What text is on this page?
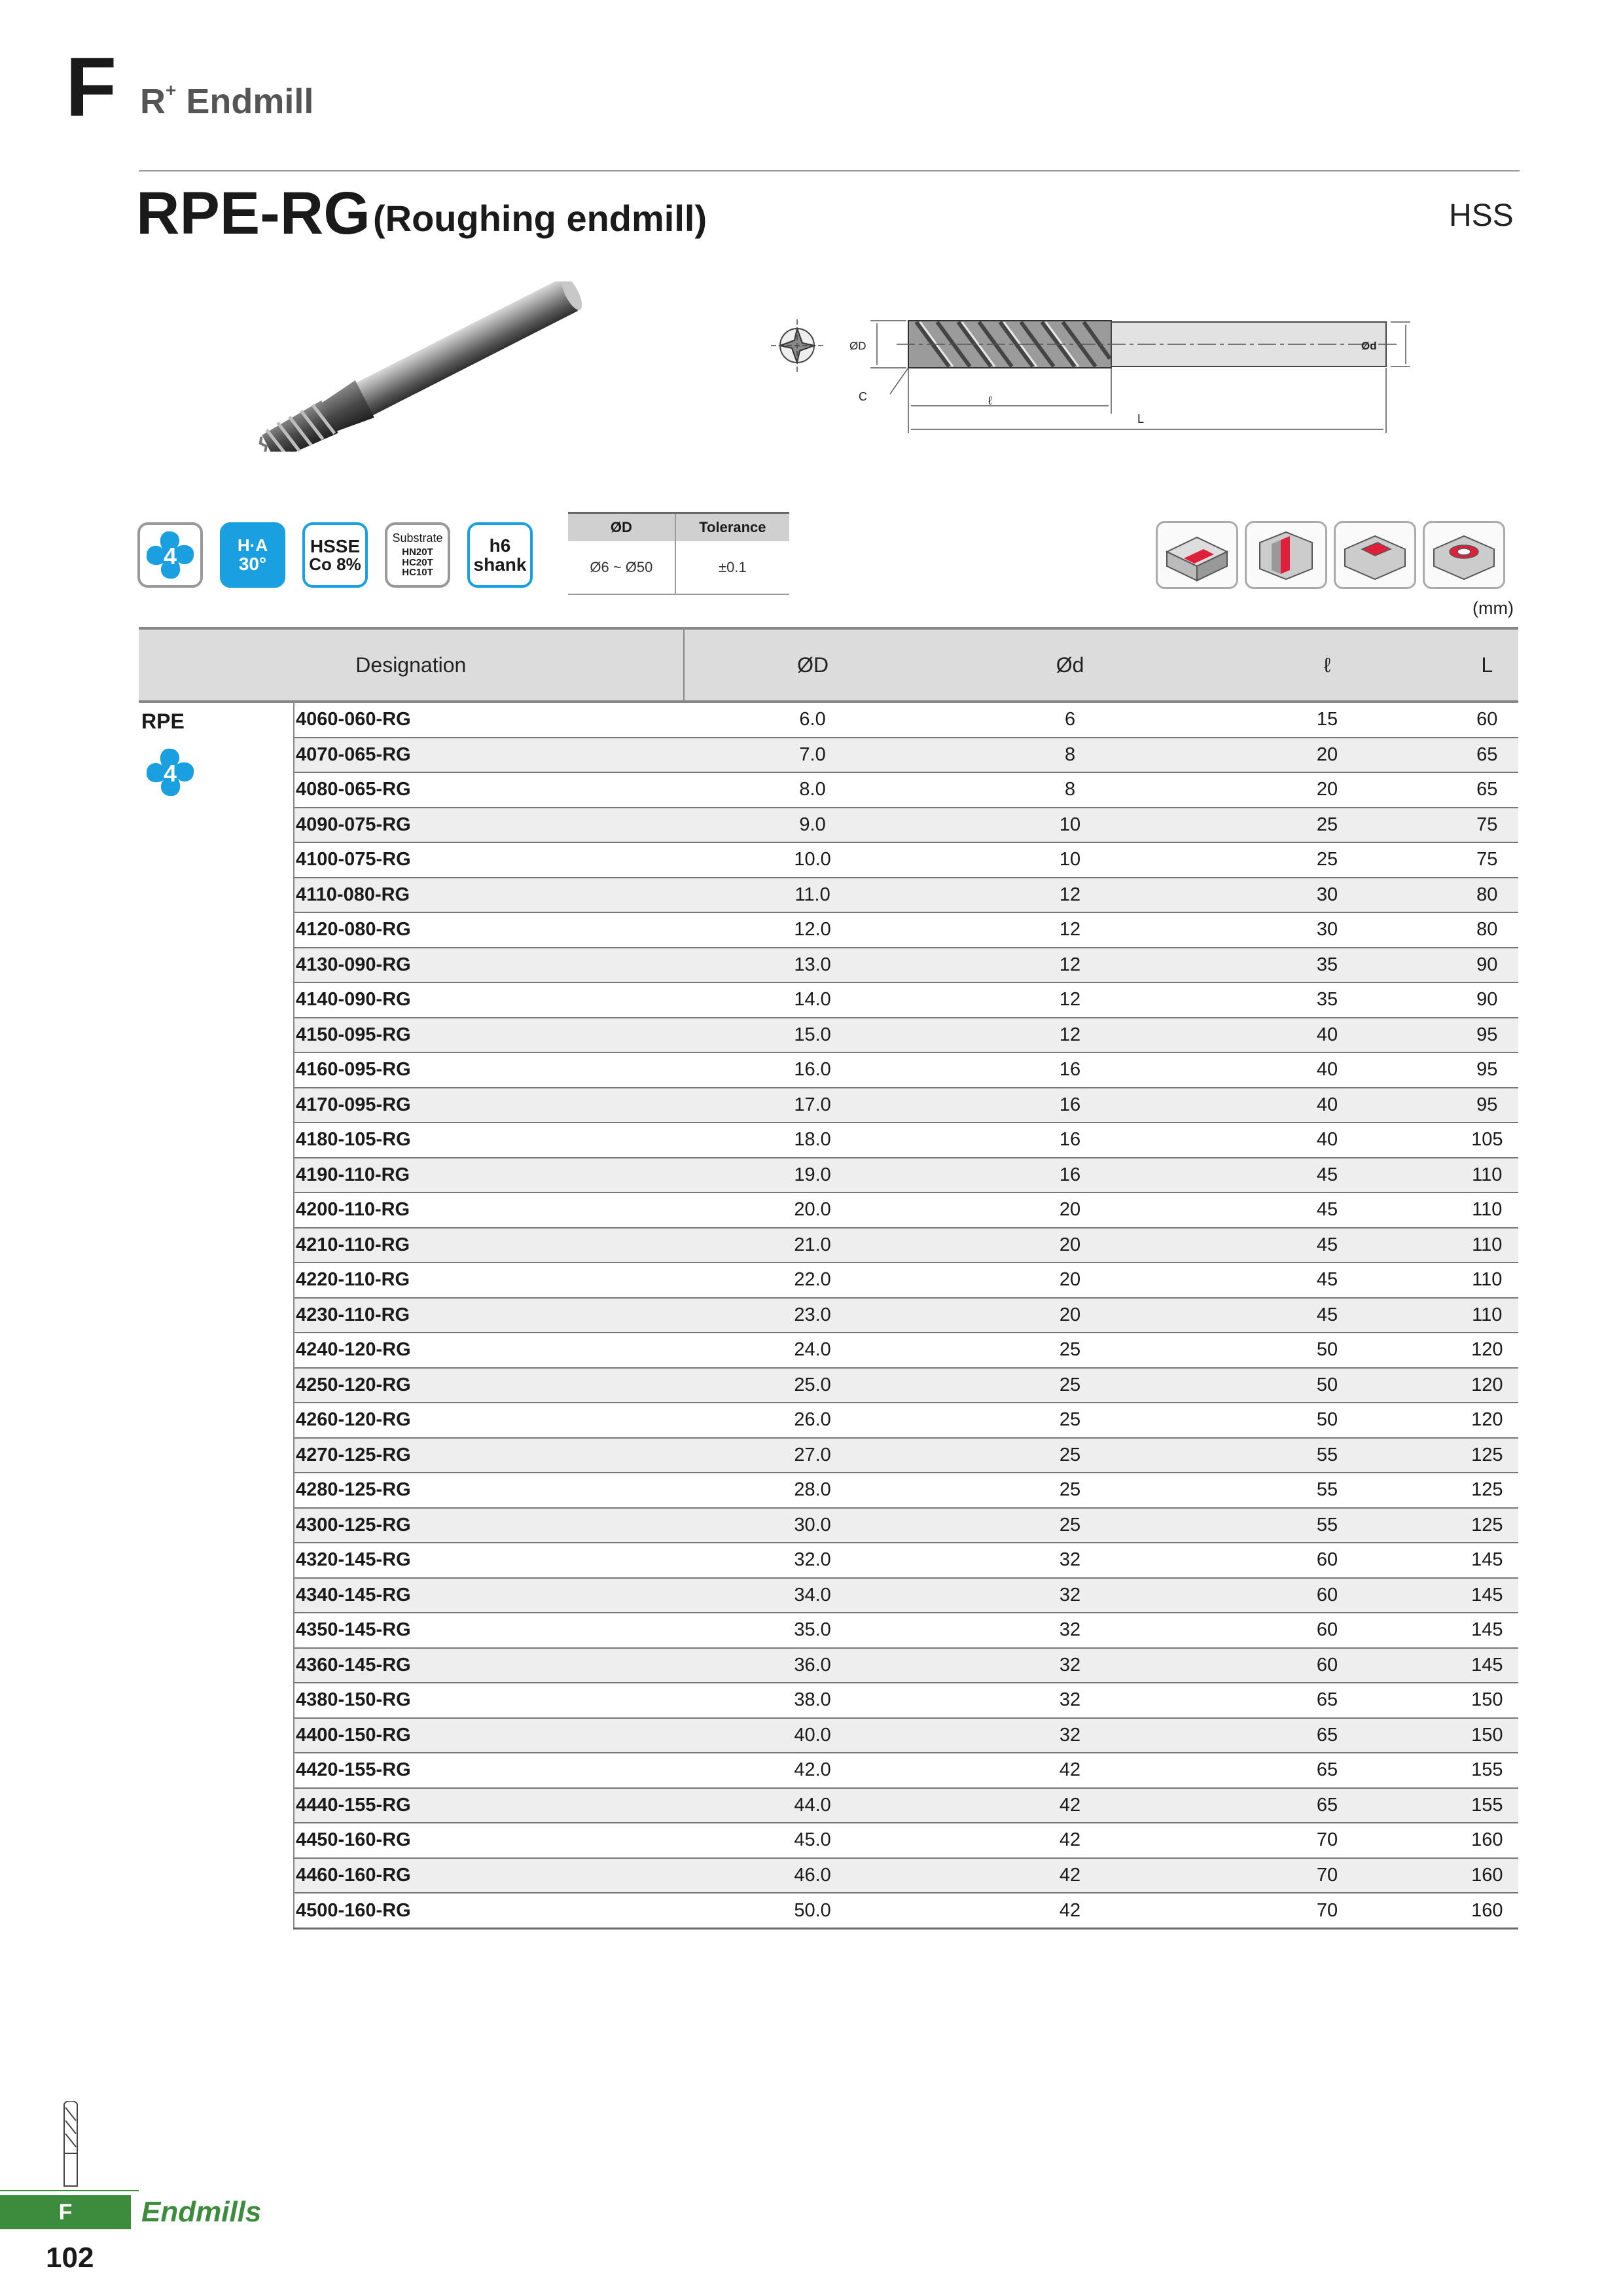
F R+ Endmill
RPE-RG (Roughing endmill)	HSS
ØD	Ød
C	ℓ
L
4	H·A
30°
HSSE
Co 8%
Substrate
HN20T
HC20T
HC10T
h6
shank
ØD	Tolerance
Ø6 ~ Ø50	±0.1
(mm)
Designation		ØD	Ød	ℓ	L

RPE
4	4060-060-RG	6.0	6	15	60
	4070-065-RG	7.0	8	20	65
	4080-065-RG	8.0	8	20	65
	4090-075-RG	9.0	10	25	75
	4100-075-RG	10.0	10	25	75
	4110-080-RG	11.0	12	30	80
	4120-080-RG	12.0	12	30	80
	4130-090-RG	13.0	12	35	90
	4140-090-RG	14.0	12	35	90
	4150-095-RG	15.0	12	40	95
	4160-095-RG	16.0	16	40	95
	4170-095-RG	17.0	16	40	95
	4180-105-RG	18.0	16	40	105
	4190-110-RG	19.0	16	45	110
	4200-110-RG	20.0	20	45	110
	4210-110-RG	21.0	20	45	110
	4220-110-RG	22.0	20	45	110
	4230-110-RG	23.0	20	45	110
	4240-120-RG	24.0	25	50	120
	4250-120-RG	25.0	25	50	120
	4260-120-RG	26.0	25	50	120
	4270-125-RG	27.0	25	55	125
	4280-125-RG	28.0	25	55	125
	4300-125-RG	30.0	25	55	125
	4320-145-RG	32.0	32	60	145
	4340-145-RG	34.0	32	60	145
	4350-145-RG	35.0	32	60	145
	4360-145-RG	36.0	32	60	145
	4380-150-RG	38.0	32	65	150
	4400-150-RG	40.0	32	65	150
	4420-155-RG	42.0	42	65	155
	4440-155-RG	44.0	42	65	155
	4450-160-RG	45.0	42	70	160
	4460-160-RG	46.0	42	70	160
	4500-160-RG	50.0	42	70	160
F	Endmills
102
